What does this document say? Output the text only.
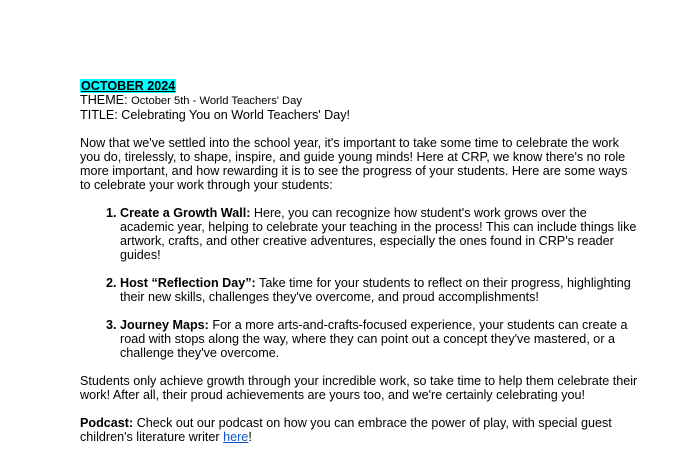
OCTOBER 2024

THEME: October 5th - World Teachers' Day

TITLE: Celebrating You on World Teachers' Day!

Now that we've settled into the school year, it's important to take some time to celebrate the work you do, tirelessly, to shape, inspire, and guide young minds! Here at CRP, we know there's no role more important, and how rewarding it is to see the progress of your students. Here are some ways to celebrate your work through your students:

1. Create a Growth Wall: Here, you can recognize how student's work grows over the academic year, helping to celebrate your teaching in the process! This can include things like artwork, crafts, and other creative adventures, especially the ones found in CRP's reader guides!
2. Host “Reflection Day”: Take time for your students to reflect on their progress, highlighting their new skills, challenges they've overcome, and proud accomplishments!
3. Journey Maps: For a more arts-and-crafts-focused experience, your students can create a road with stops along the way, where they can point out a concept they've mastered, or a challenge they've overcome.

Students only achieve growth through your incredible work, so take time to help them celebrate their work! After all, their proud achievements are yours too, and we're certainly celebrating you!

Podcast: Check out our podcast on how you can embrace the power of play, with special guest children's literature writer here!
